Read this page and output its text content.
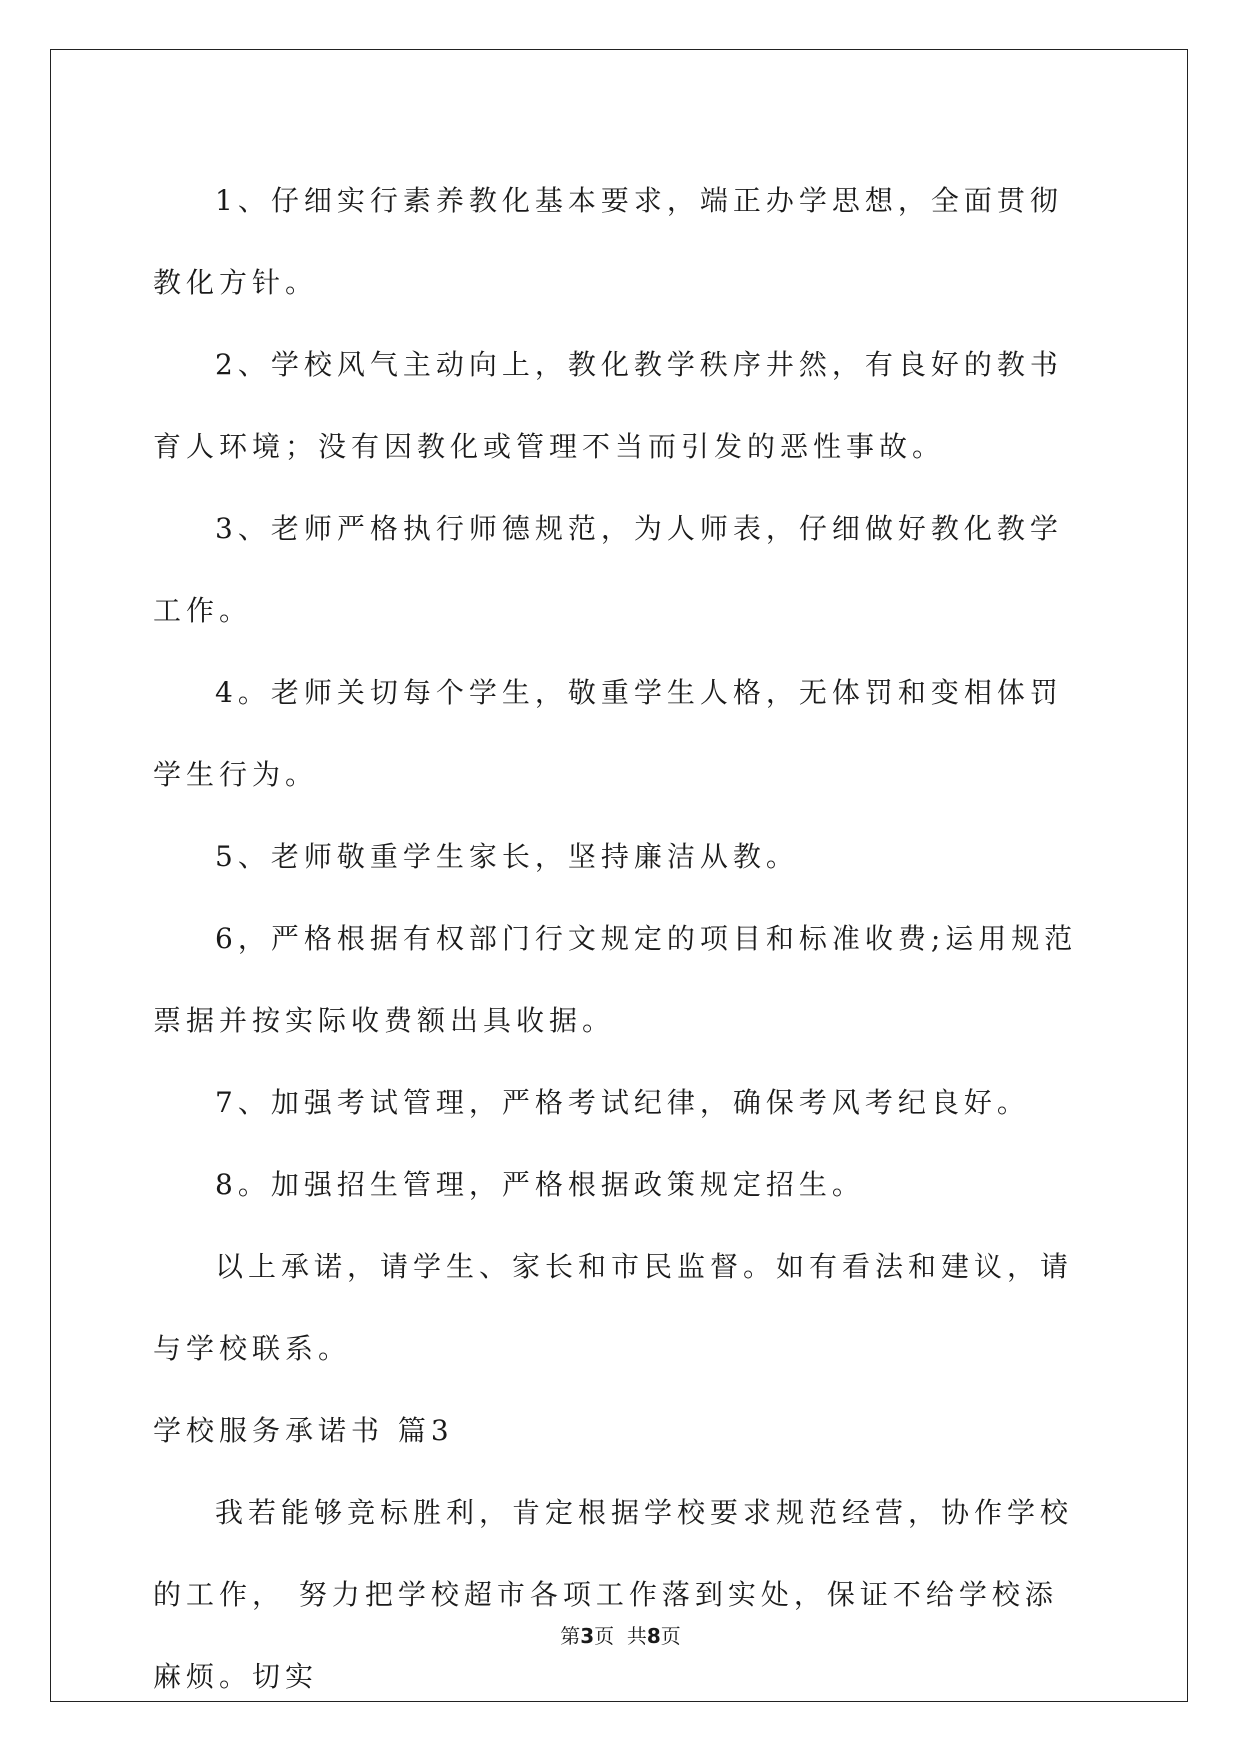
1、仔细实行素养教化基本要求，端正办学思想，全面贯彻教化方针。

2、学校风气主动向上，教化教学秩序井然，有良好的教书育人环境；没有因教化或管理不当而引发的恶性事故。

3、老师严格执行师德规范，为人师表，仔细做好教化教学工作。

4。老师关切每个学生，敬重学生人格，无体罚和变相体罚学生行为。

5、老师敬重学生家长，坚持廉洁从教。

6，严格根据有权部门行文规定的项目和标准收费;运用规范票据并按实际收费额出具收据。

7、加强考试管理，严格考试纪律，确保考风考纪良好。

8。加强招生管理，严格根据政策规定招生。

以上承诺，请学生、家长和市民监督。如有看法和建议，请与学校联系。

学校服务承诺书 篇3

我若能够竞标胜利，肯定根据学校要求规范经营，协作学校的工作， 努力把学校超市各项工作落到实处，保证不给学校添麻烦。切实

第3页  共8页
